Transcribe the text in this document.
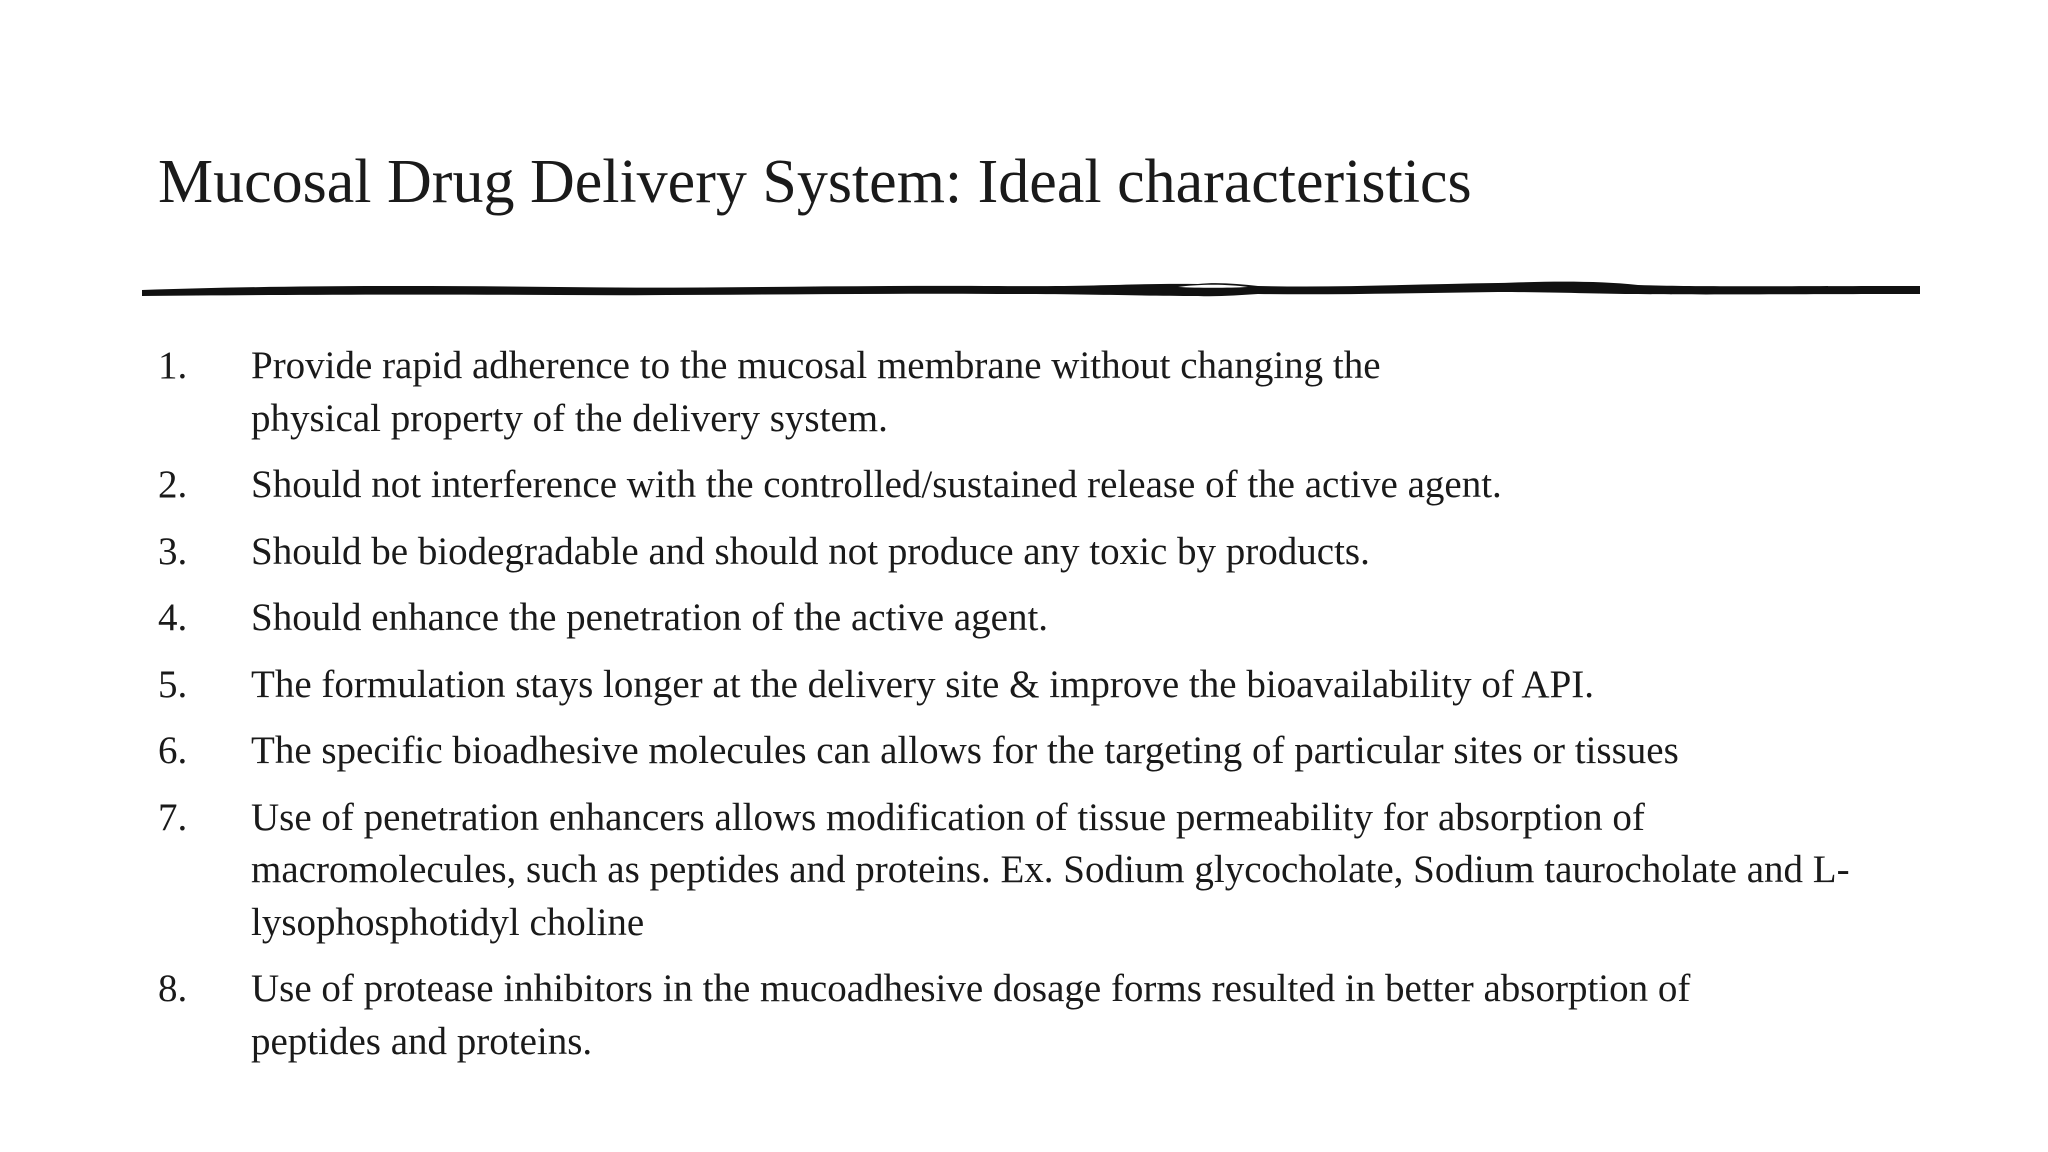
Mucosal Drug Delivery System: Ideal characteristics
1. Provide rapid adherence to the mucosal membrane without changing the physical property of the delivery system.
2. Should not interference with the controlled/sustained release of the active agent.
3. Should be biodegradable and should not produce any toxic by products.
4. Should enhance the penetration of the active agent.
5. The formulation stays longer at the delivery site & improve the bioavailability of API.
6. The specific bioadhesive molecules can allows for the targeting of particular sites or tissues
7. Use of penetration enhancers allows modification of tissue permeability for absorption of macromolecules, such as peptides and proteins. Ex. Sodium glycocholate, Sodium taurocholate and L- lysophosphotidyl choline
8. Use of protease inhibitors in the mucoadhesive dosage forms resulted in better absorption of peptides and proteins.
